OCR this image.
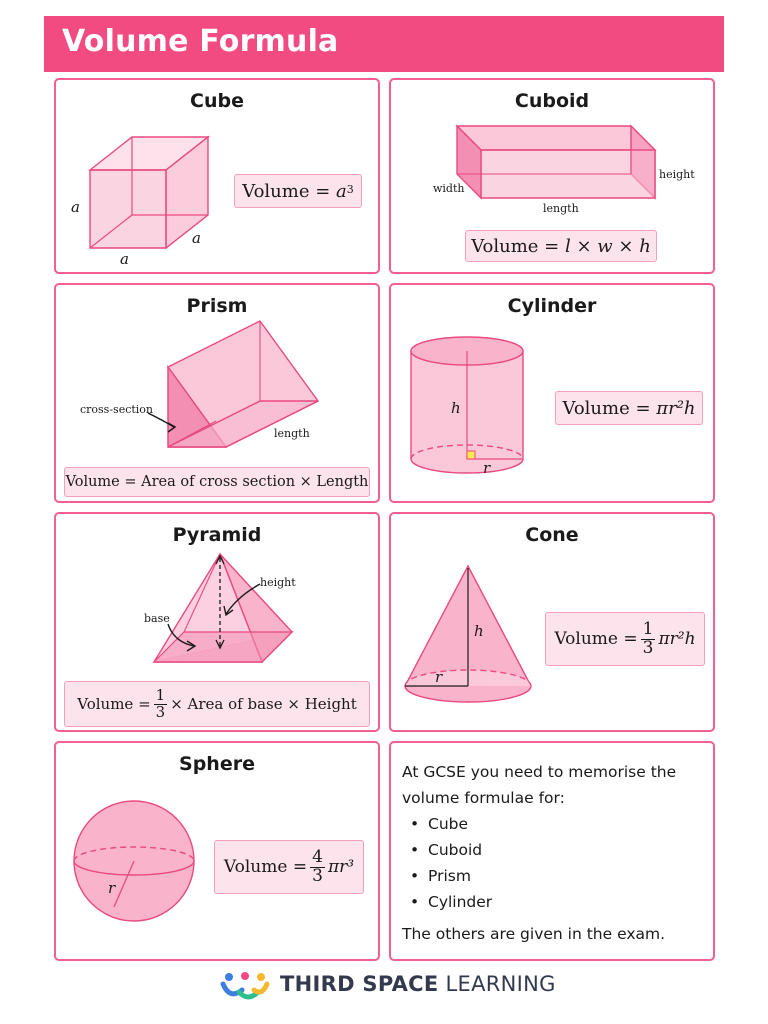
Volume Formula
Cube
a
a
a
Volume = $a^3$
Cuboid
width
height
length
Volume = l × w × h
Prism
cross-section
length
Volume = Area of cross section × Length
Cylinder
h
r
Volume = πr²h
Pyramid
height
base
Volume = $\frac{1}{3}$ × Area of base × Height
Cone
h
r
Volume = $\frac{1}{3} \pi r^2h$
Sphere
r
Volume = $\frac{4}{3} \pi r^3$
At GCSE you need to memorise the volume formulae for:
• Cube
• Cuboid
• Prism
• Cylinder
The others are given in the exam.
THIRD SPACE LEARNING
